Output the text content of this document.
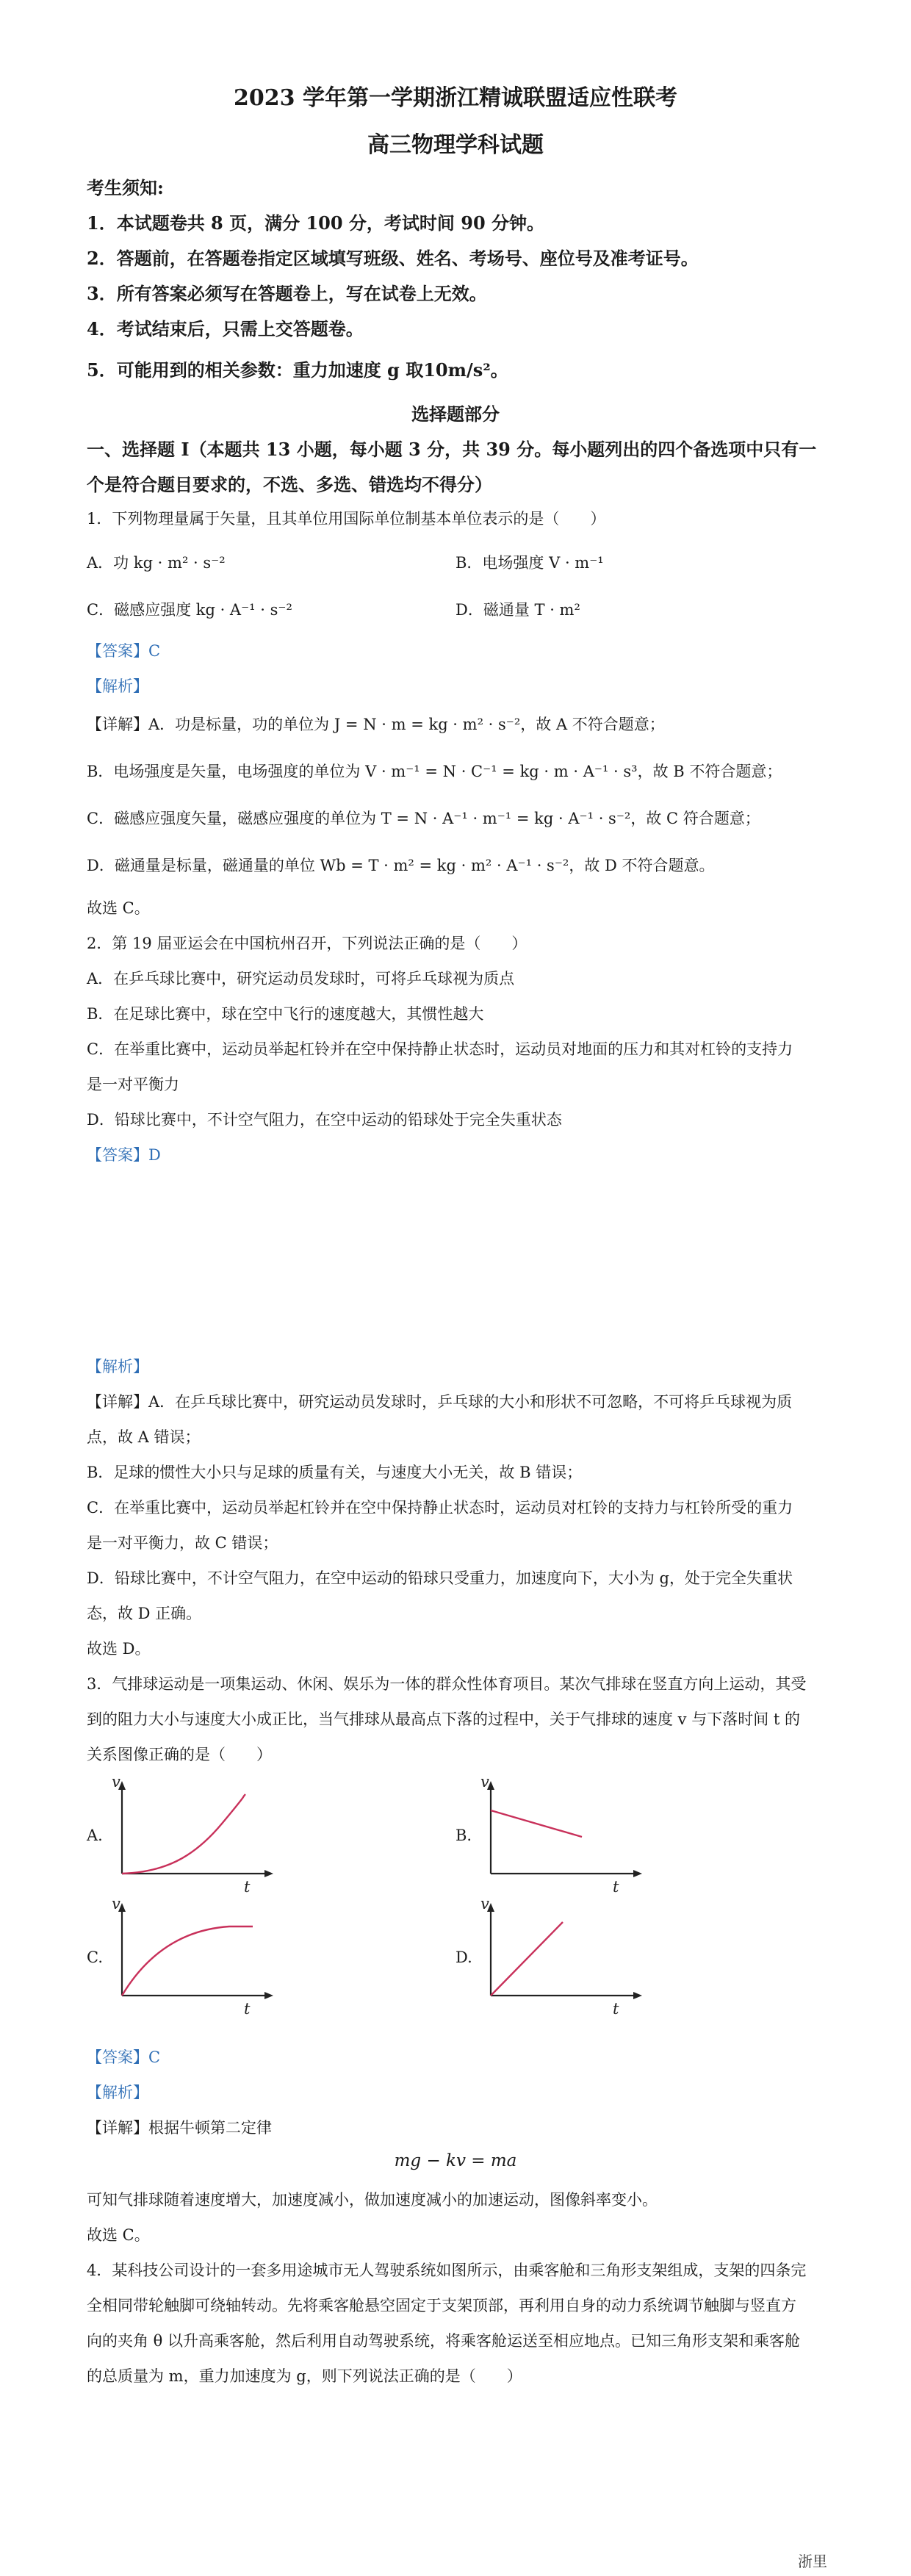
2023 学年第一学期浙江精诚联盟适应性联考
高三物理学科试题
考生须知:
1．本试题卷共 8 页，满分 100 分，考试时间 90 分钟。
2．答题前，在答题卷指定区域填写班级、姓名、考场号、座位号及准考证号。
3．所有答案必须写在答题卷上，写在试卷上无效。
4．考试结束后，只需上交答题卷。
5．可能用到的相关参数：重力加速度 g 取10m/s²。
选择题部分
一、选择题 Ⅰ（本题共 13 小题，每小题 3 分，共 39 分。每小题列出的四个备选项中只有一
个是符合题目要求的，不选、多选、错选均不得分）
1．下列物理量属于矢量，且其单位用国际单位制基本单位表示的是（　　）
A．功 kg · m² · s⁻²	B．电场强度 V · m⁻¹
C．磁感应强度 kg · A⁻¹ · s⁻²	D．磁通量 T · m²
【答案】C
【解析】
【详解】A．功是标量，功的单位为 J = N · m = kg · m² · s⁻²，故 A 不符合题意；
B．电场强度是矢量，电场强度的单位为 V · m⁻¹ = N · C⁻¹ = kg · m · A⁻¹ · s³，故 B 不符合题意；
C．磁感应强度矢量，磁感应强度的单位为 T = N · A⁻¹ · m⁻¹ = kg · A⁻¹ · s⁻²，故 C 符合题意；
D．磁通量是标量，磁通量的单位 Wb = T · m² = kg · m² · A⁻¹ · s⁻²，故 D 不符合题意。
故选 C。
2．第 19 届亚运会在中国杭州召开，下列说法正确的是（　　）
A．在乒乓球比赛中，研究运动员发球时，可将乒乓球视为质点
B．在足球比赛中，球在空中飞行的速度越大，其惯性越大
C．在举重比赛中，运动员举起杠铃并在空中保持静止状态时，运动员对地面的压力和其对杠铃的支持力
是一对平衡力
D．铅球比赛中，不计空气阻力，在空中运动的铅球处于完全失重状态
【答案】D
【解析】
【详解】A．在乒乓球比赛中，研究运动员发球时，乒乓球的大小和形状不可忽略，不可将乒乓球视为质
点，故 A 错误；
B．足球的惯性大小只与足球的质量有关，与速度大小无关，故 B 错误；
C．在举重比赛中，运动员举起杠铃并在空中保持静止状态时，运动员对杠铃的支持力与杠铃所受的重力
是一对平衡力，故 C 错误；
D．铅球比赛中，不计空气阻力，在空中运动的铅球只受重力，加速度向下，大小为 g，处于完全失重状
态，故 D 正确。
故选 D。
3．气排球运动是一项集运动、休闲、娱乐为一体的群众性体育项目。某次气排球在竖直方向上运动，其受
到的阻力大小与速度大小成正比，当气排球从最高点下落的过程中，关于气排球的速度 v 与下落时间 t 的
关系图像正确的是（　　）
A.
v
t
B.
v
t
C.
v
t
D.
v
t
【答案】C
【解析】
【详解】根据牛顿第二定律
mg − kv = ma
可知气排球随着速度增大，加速度减小，做加速度减小的加速运动，图像斜率变小。
故选 C。
4．某科技公司设计的一套多用途城市无人驾驶系统如图所示，由乘客舱和三角形支架组成，支架的四条完
全相同带轮触脚可绕轴转动。先将乘客舱悬空固定于支架顶部，再利用自身的动力系统调节触脚与竖直方
向的夹角 θ 以升高乘客舱，然后利用自动驾驶系统，将乘客舱运送至相应地点。已知三角形支架和乘客舱
的总质量为 m，重力加速度为 g，则下列说法正确的是（　　）
浙里
